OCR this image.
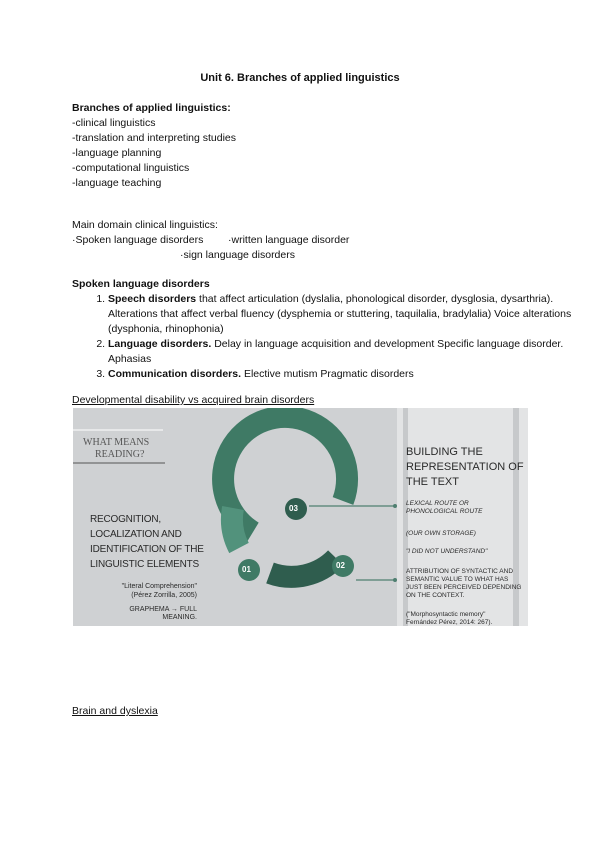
Unit 6. Branches of applied linguistics
Branches of applied linguistics:
-clinical linguistics
-translation and interpreting studies
-language planning
-computational linguistics
-language teaching
Main domain clinical linguistics:
·Spoken language disorders ·written language disorder
·sign language disorders
Spoken language disorders
1. Speech disorders that affect articulation (dyslalia, phonological disorder, dysglosia, dysarthria). Alterations that affect verbal fluency (dysphemia or stuttering, taquilalia, bradylalia) Voice alterations (dysphonia, rhinophonia)
2. Language disorders. Delay in language acquisition and development Specific language disorder. Aphasias
3. Communication disorders. Elective mutism Pragmatic disorders
Developmental disability vs acquired brain disorders
WHAT MEANS
READING?
RECOGNITION,
LOCALIZATION AND
IDENTIFICATION OF THE
LINGUISTIC ELEMENTS
"Literal Comprehension"
(Pérez Zorrilla, 2005)
GRAPHEMA → FULL
MEANING.
01	02
03
BUILDING THE
REPRESENTATION OF
THE TEXT
LEXICAL ROUTE OR
PHONOLOGICAL ROUTE
(OUR OWN STORAGE)
"I DID NOT UNDERSTAND"
ATTRIBUTION OF SYNTACTIC AND
SEMANTIC VALUE TO WHAT HAS
JUST BEEN PERCEIVED DEPENDING
ON THE CONTEXT.
("Morphosyntactic memory"
Fernández Pérez, 2014: 267).
Brain and dyslexia
